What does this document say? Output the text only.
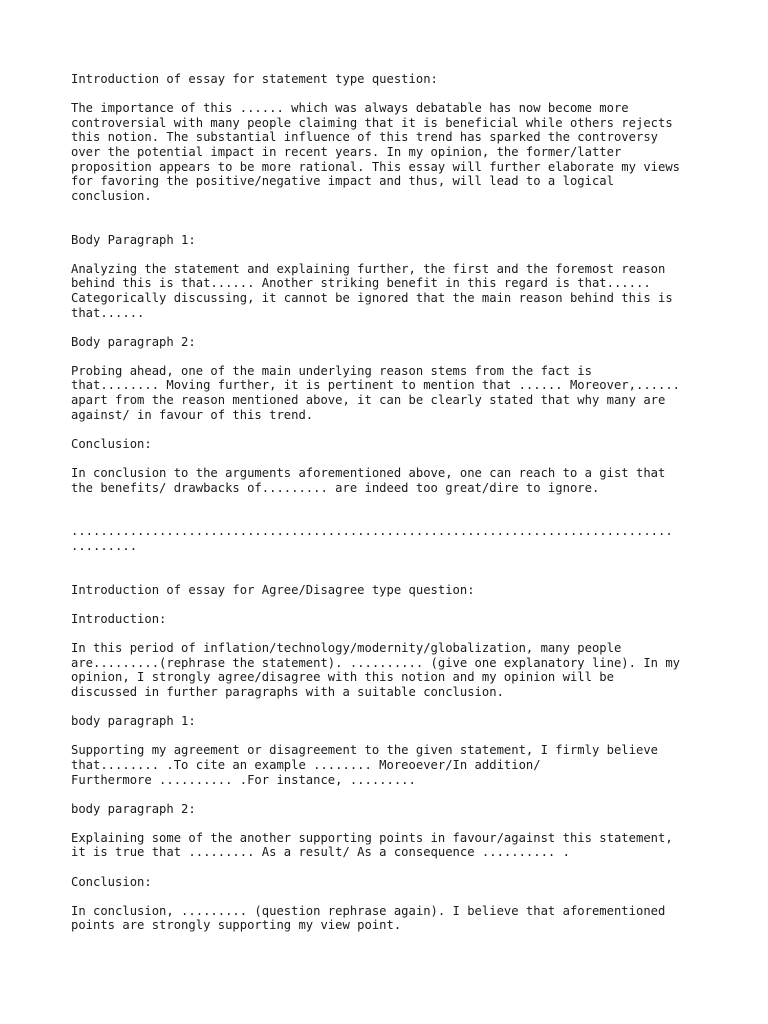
Introduction of essay for statement type question:

The importance of this ...... which was always debatable has now become more
controversial with many people claiming that it is beneficial while others rejects
this notion. The substantial influence of this trend has sparked the controversy
over the potential impact in recent years. In my opinion, the former/latter
proposition appears to be more rational. This essay will further elaborate my views
for favoring the positive/negative impact and thus, will lead to a logical
conclusion.

Body Paragraph 1:

Analyzing the statement and explaining further, the first and the foremost reason
behind this is that...... Another striking benefit in this regard is that......
Categorically discussing, it cannot be ignored that the main reason behind this is
that......

Body paragraph 2:

Probing ahead, one of the main underlying reason stems from the fact is
that........ Moving further, it is pertinent to mention that ...... Moreover,......
apart from the reason mentioned above, it can be clearly stated that why many are
against/ in favour of this trend.

Conclusion:

In conclusion to the arguments aforementioned above, one can reach to a gist that
the benefits/ drawbacks of......... are indeed too great/dire to ignore.

..................................................................................
.........

Introduction of essay for Agree/Disagree type question:

Introduction:

In this period of inflation/technology/modernity/globalization, many people
are.........(rephrase the statement). .......... (give one explanatory line). In my
opinion, I strongly agree/disagree with this notion and my opinion will be
discussed in further paragraphs with a suitable conclusion.

body paragraph 1:

Supporting my agreement or disagreement to the given statement, I firmly believe
that........ .To cite an example ........ Moreoever/In addition/
Furthermore .......... .For instance, .........

body paragraph 2:

Explaining some of the another supporting points in favour/against this statement,
it is true that ......... As a result/ As a consequence .......... .

Conclusion:

In conclusion, ......... (question rephrase again). I believe that aforementioned
points are strongly supporting my view point.
